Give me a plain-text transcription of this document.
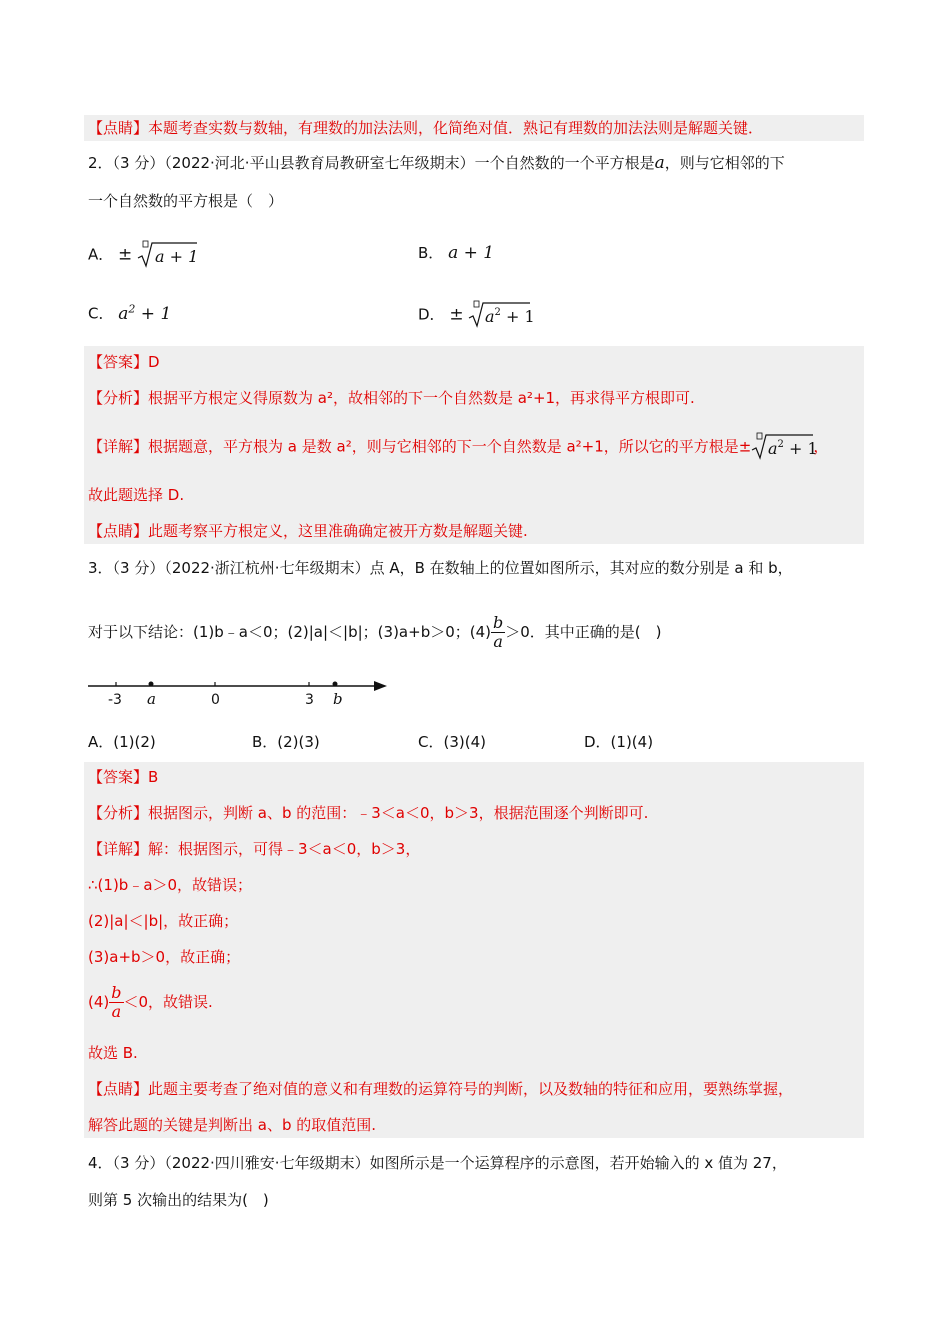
【点睛】本题考查实数与数轴，有理数的加法法则，化简绝对值．熟记有理数的加法法则是解题关键．
2．（3 分）（2022·河北·平山县教育局教研室七年级期末）一个自然数的一个平方根是a，则与它相邻的下
一个自然数的平方根是（　）
A． ± a + 1	B． a + 1
C． $a^2 + 1$	D． ± $a^2 + 1$
【答案】D
【分析】根据平方根定义得原数为 a²，故相邻的下一个自然数是 a²+1，再求得平方根即可.
【详解】根据题意，平方根为 a 是数 a²，则与它相邻的下一个自然数是 a²+1，所以它的平方根是± $a^2 + 1$
，
故此题选择 D.
【点睛】此题考察平方根定义，这里准确确定被开方数是解题关键.
3．（3 分）（2022·浙江杭州·七年级期末）点 A，B 在数轴上的位置如图所示，其对应的数分别是 a 和 b，
对于以下结论：(1)b﹣a＜0；(2)|a|＜|b|；(3)a+b＞0；$(4) \frac{b}{a} >0$．其中正确的是(　)
-3 a	0	3 b
A．(1)(2)	B．(2)(3)	C．(3)(4)	D．(1)(4)
【答案】B
【分析】根据图示，判断 a、b 的范围：﹣3＜a＜0，b＞3，根据范围逐个判断即可.
【详解】解：根据图示，可得﹣3＜a＜0，b＞3，
∴(1)b﹣a＞0，故错误；
(2)|a|＜|b|，故正确；
(3)a+b＞0，故正确；
$(4) \frac{b}{a} <0$，故错误.
故选 B.
【点睛】此题主要考查了绝对值的意义和有理数的运算符号的判断，以及数轴的特征和应用，要熟练掌握，
解答此题的关键是判断出 a、b 的取值范围.
4．（3 分）（2022·四川雅安·七年级期末）如图所示是一个运算程序的示意图，若开始输入的 x 值为 27，
则第 5 次输出的结果为(　)
